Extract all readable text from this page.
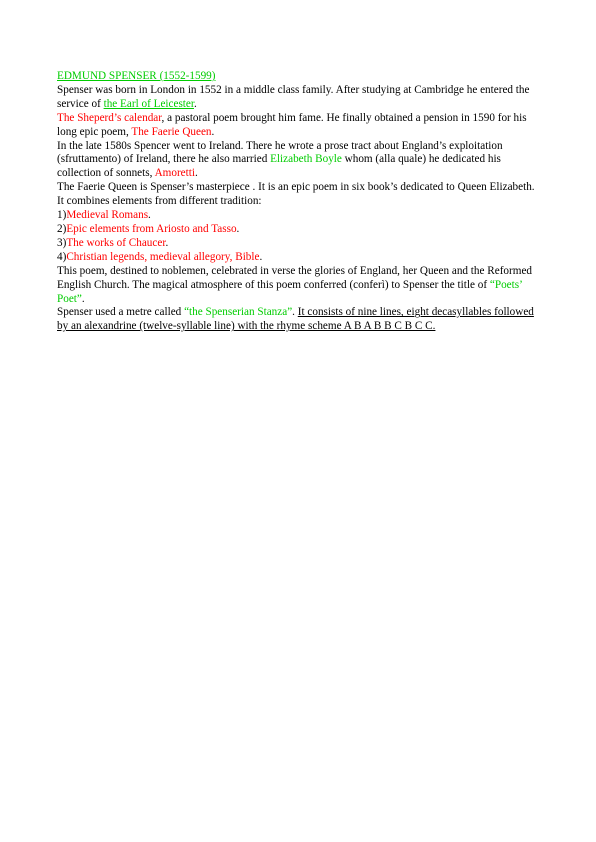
EDMUND SPENSER (1552-1599)

Spenser was born in London in 1552 in a middle class family. After studying at Cambridge he entered the service of the Earl of Leicester.

The Sheperd’s calendar, a pastoral poem brought him fame. He finally obtained a pension in 1590 for his long epic poem, The Faerie Queen.

In the late 1580s Spencer went to Ireland. There he wrote a prose tract about England’s exploitation (sfruttamento) of Ireland, there he also married Elizabeth Boyle whom (alla quale) he dedicated his collection of sonnets, Amoretti.

The Faerie Queen is Spenser’s masterpiece . It is an epic poem in six book’s dedicated to Queen Elizabeth.

It combines elements from different tradition:

1)Medieval Romans.

2)Epic elements from Ariosto and Tasso.

3)The works of Chaucer.

4)Christian legends, medieval allegory, Bible.

This poem, destined to noblemen, celebrated in verse the glories of England, her Queen and the Reformed English Church. The magical atmosphere of this poem conferred (conferì) to Spenser the title of “Poets’ Poet”.

Spenser used a metre called “the Spenserian Stanza”. It consists of nine lines, eight decasyllables followed by an alexandrine (twelve-syllable line) with the rhyme scheme A B A B B C B C C.
